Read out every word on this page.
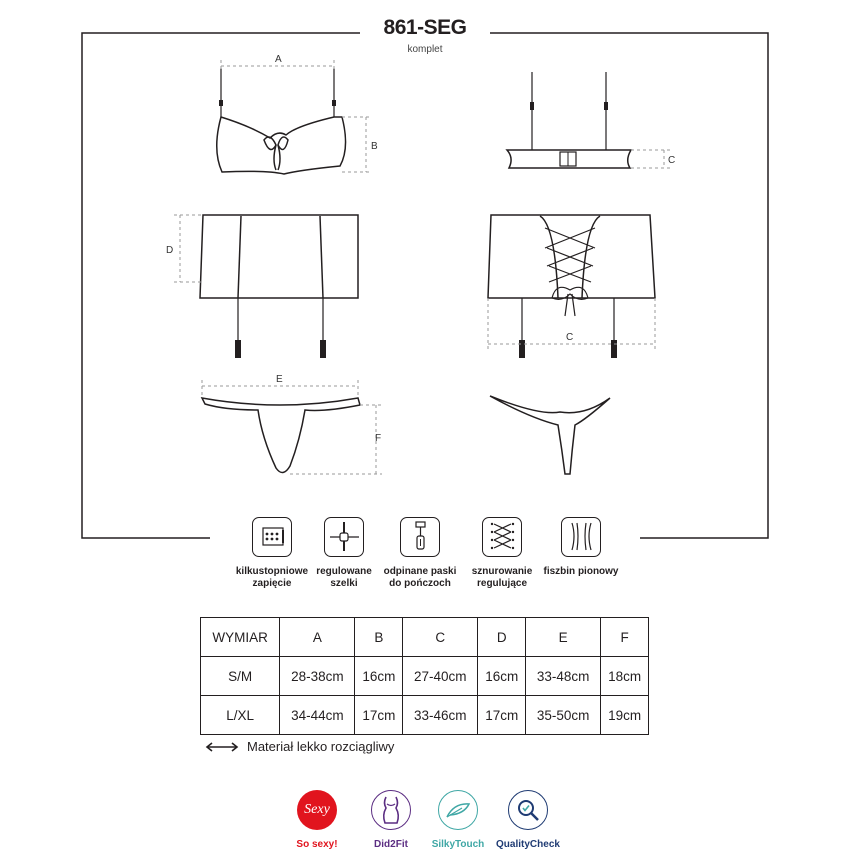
861-SEG
komplet
A
B
C
D
C
E
F
kilkustopniowe
zapięcie
regulowane
szelki
odpinane paski
do pończoch
sznurowanie
regulujące
fiszbin pionowy
WYMIAR	A	B	C	D	E	F
S/M	28-38cm	16cm	27-40cm	16cm	33-48cm	18cm
L/XL	34-44cm	17cm	33-46cm	17cm	35-50cm	19cm
Materiał lekko rozciągliwy
Sexy
So sexy!	Did2Fit	SilkyTouch	QualityCheck
